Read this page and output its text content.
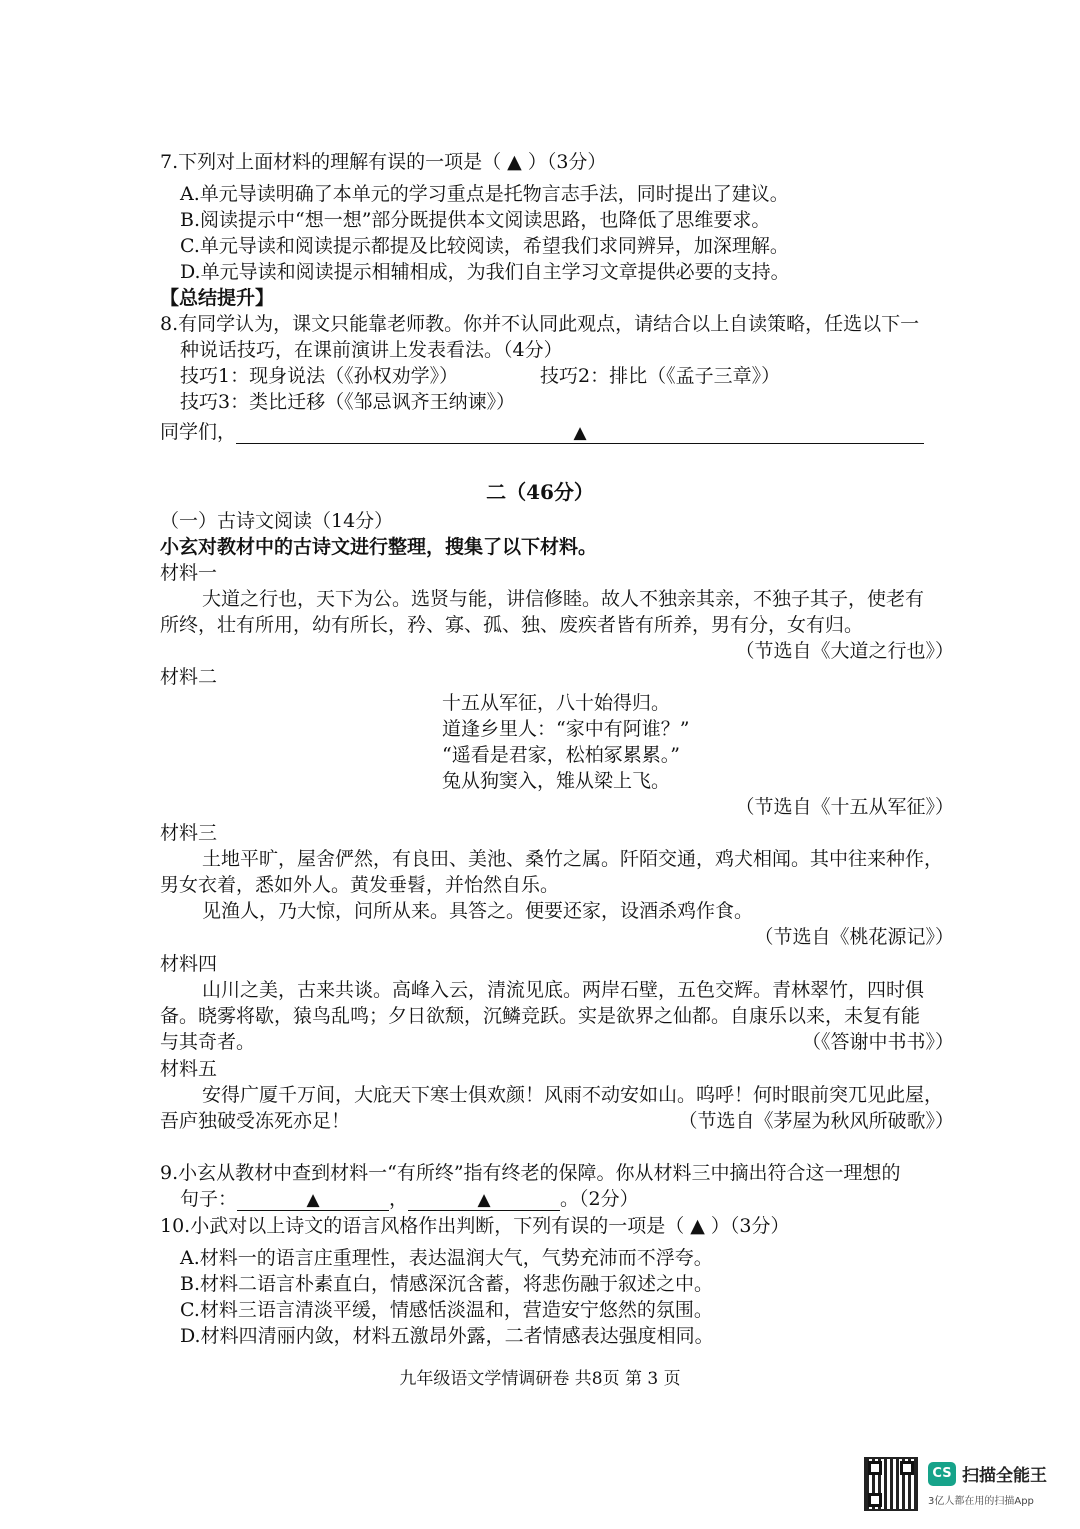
7.下列对上面材料的理解有误的一项是（ ▲ ）（3分）
A.单元导读明确了本单元的学习重点是托物言志手法，同时提出了建议。
B.阅读提示中“想一想”部分既提供本文阅读思路，也降低了思维要求。
C.单元导读和阅读提示都提及比较阅读，希望我们求同辨异，加深理解。
D.单元导读和阅读提示相辅相成，为我们自主学习文章提供必要的支持。
【总结提升】
8.有同学认为，课文只能靠老师教。你并不认同此观点，请结合以上自读策略，任选以下一
种说话技巧，在课前演讲上发表看法。（4分）
技巧1：现身说法（《孙权劝学》）	技巧2：排比（《孟子三章》）
技巧3：类比迁移（《邹忌讽齐王纳谏》）
同学们，	▲
二（46分）
（一）古诗文阅读（14分）
小玄对教材中的古诗文进行整理，搜集了以下材料。
材料一
大道之行也，天下为公。选贤与能，讲信修睦。故人不独亲其亲，不独子其子，使老有
所终，壮有所用，幼有所长，矜、寡、孤、独、废疾者皆有所养，男有分，女有归。
（节选自《大道之行也》）
材料二
十五从军征，八十始得归。
道逢乡里人：“家中有阿谁？”
“遥看是君家，松柏冢累累。”
兔从狗窦入，雉从梁上飞。
（节选自《十五从军征》）
材料三
土地平旷，屋舍俨然，有良田、美池、桑竹之属。阡陌交通，鸡犬相闻。其中往来种作，
男女衣着，悉如外人。黄发垂髫，并怡然自乐。
见渔人，乃大惊，问所从来。具答之。便要还家，设酒杀鸡作食。
（节选自《桃花源记》）
材料四
山川之美，古来共谈。高峰入云，清流见底。两岸石壁，五色交辉。青林翠竹，四时俱
备。晓雾将歇，猿鸟乱鸣；夕日欲颓，沉鳞竞跃。实是欲界之仙都。自康乐以来，未复有能
与其奇者。	（《答谢中书书》）
材料五
安得广厦千万间，大庇天下寒士俱欢颜！风雨不动安如山。呜呼！何时眼前突兀见此屋，
吾庐独破受冻死亦足！	（节选自《茅屋为秋风所破歌》）
9.小玄从教材中查到材料一“有所终”指有终老的保障。你从材料三中摘出符合这一理想的
句子：	▲	，	▲	。（2分）
10.小武对以上诗文的语言风格作出判断，下列有误的一项是（ ▲ ）（3分）
A.材料一的语言庄重理性，表达温润大气，气势充沛而不浮夸。
B.材料二语言朴素直白，情感深沉含蓄，将悲伤融于叙述之中。
C.材料三语言清淡平缓，情感恬淡温和，营造安宁悠然的氛围。
D.材料四清丽内敛，材料五激昂外露，二者情感表达强度相同。
九年级语文学情调研卷 共8页 第 3 页
CS 扫描全能王
3亿人都在用的扫描App
